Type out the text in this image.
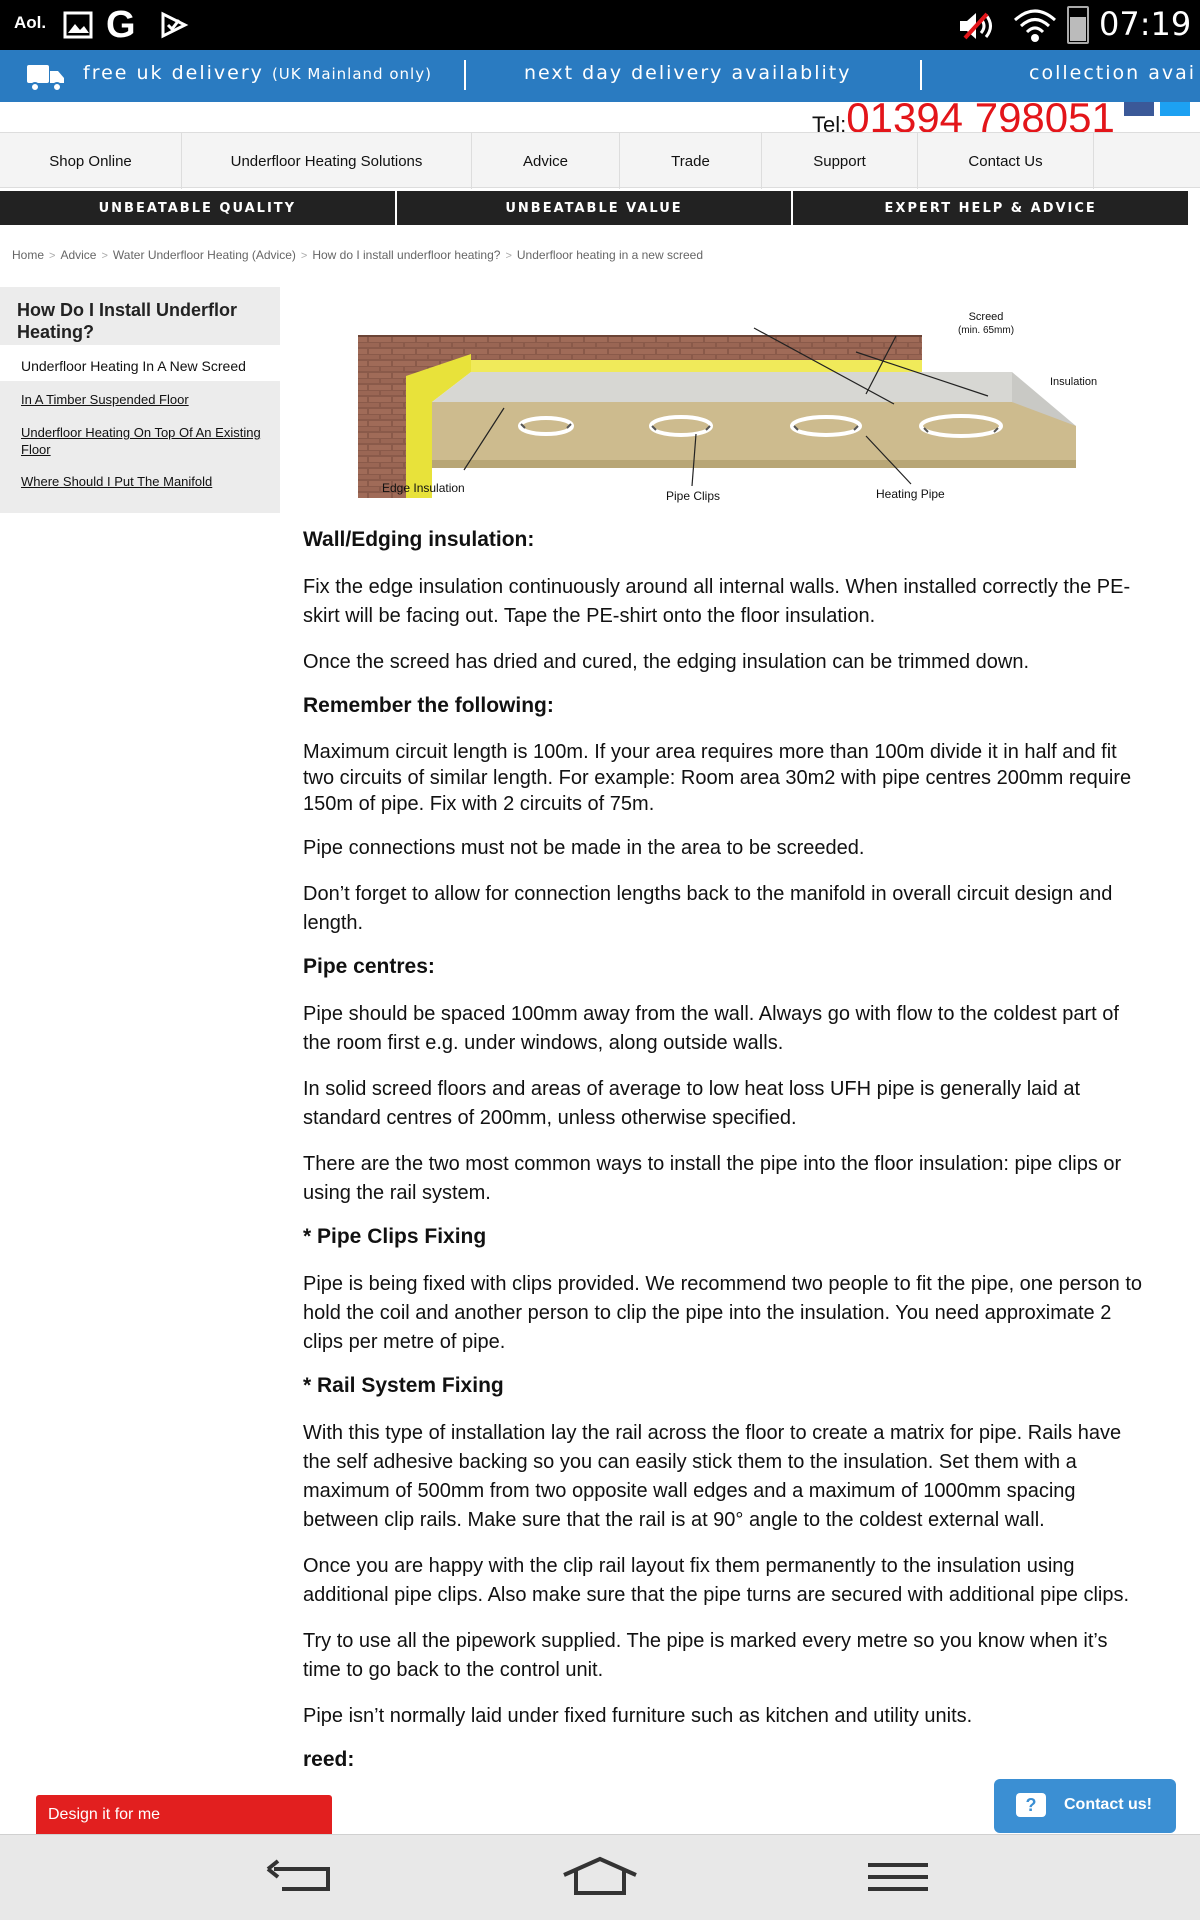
Aol. G	07:19
free uk delivery (UK Mainland only)	next day delivery availablity	collection avai
Tel:01394 798051
Shop Online	Underfloor Heating Solutions	Advice	Trade	Support	Contact Us
UNBEATABLE QUALITY	UNBEATABLE VALUE	EXPERT HELP & ADVICE
Home > Advice > Water Underfloor Heating (Advice) > How do I install underfloor heating? > Underfloor heating in a new screed
How Do I Install Underflor Heating?
Underfloor Heating In A New Screed
In A Timber Suspended Floor
Underfloor Heating On Top Of An Existing Floor
Where Should I Put The Manifold
Screed
(min. 65mm)
Insulation
Edge Insulation
Pipe Clips	Heating Pipe
Wall/Edging insulation:
Fix the edge insulation continuously around all internal walls. When installed correctly the PE-skirt will be facing out. Tape the PE-shirt onto the floor insulation.
Once the screed has dried and cured, the edging insulation can be trimmed down.
Remember the following:
Maximum circuit length is 100m. If your area requires more than 100m divide it in half and fit two circuits of similar length. For example: Room area 30m2 with pipe centres 200mm require 150m of pipe. Fix with 2 circuits of 75m.
Pipe connections must not be made in the area to be screeded.
Don’t forget to allow for connection lengths back to the manifold in overall circuit design and length.
Pipe centres:
Pipe should be spaced 100mm away from the wall. Always go with flow to the coldest part of the room first e.g. under windows, along outside walls.
In solid screed floors and areas of average to low heat loss UFH pipe is generally laid at standard centres of 200mm, unless otherwise specified.
There are the two most common ways to install the pipe into the floor insulation: pipe clips or using the rail system.
* Pipe Clips Fixing
Pipe is being fixed with clips provided. We recommend two people to fit the pipe, one person to hold the coil and another person to clip the pipe into the insulation. You need approximate 2 clips per metre of pipe.
* Rail System Fixing
With this type of installation lay the rail across the floor to create a matrix for pipe. Rails have the self adhesive backing so you can easily stick them to the insulation. Set them with a maximum of 500mm from two opposite wall edges and a maximum of 1000mm spacing between clip rails. Make sure that the rail is at 90° angle to the coldest external wall.
Once you are happy with the clip rail layout fix them permanently to the insulation using additional pipe clips. Also make sure that the pipe turns are secured with additional pipe clips.
Try to use all the pipework supplied. The pipe is marked every metre so you know when it’s time to go back to the control unit.
Pipe isn’t normally laid under fixed furniture such as kitchen and utility units.
reed:
Design it for me	?	Contact us!
